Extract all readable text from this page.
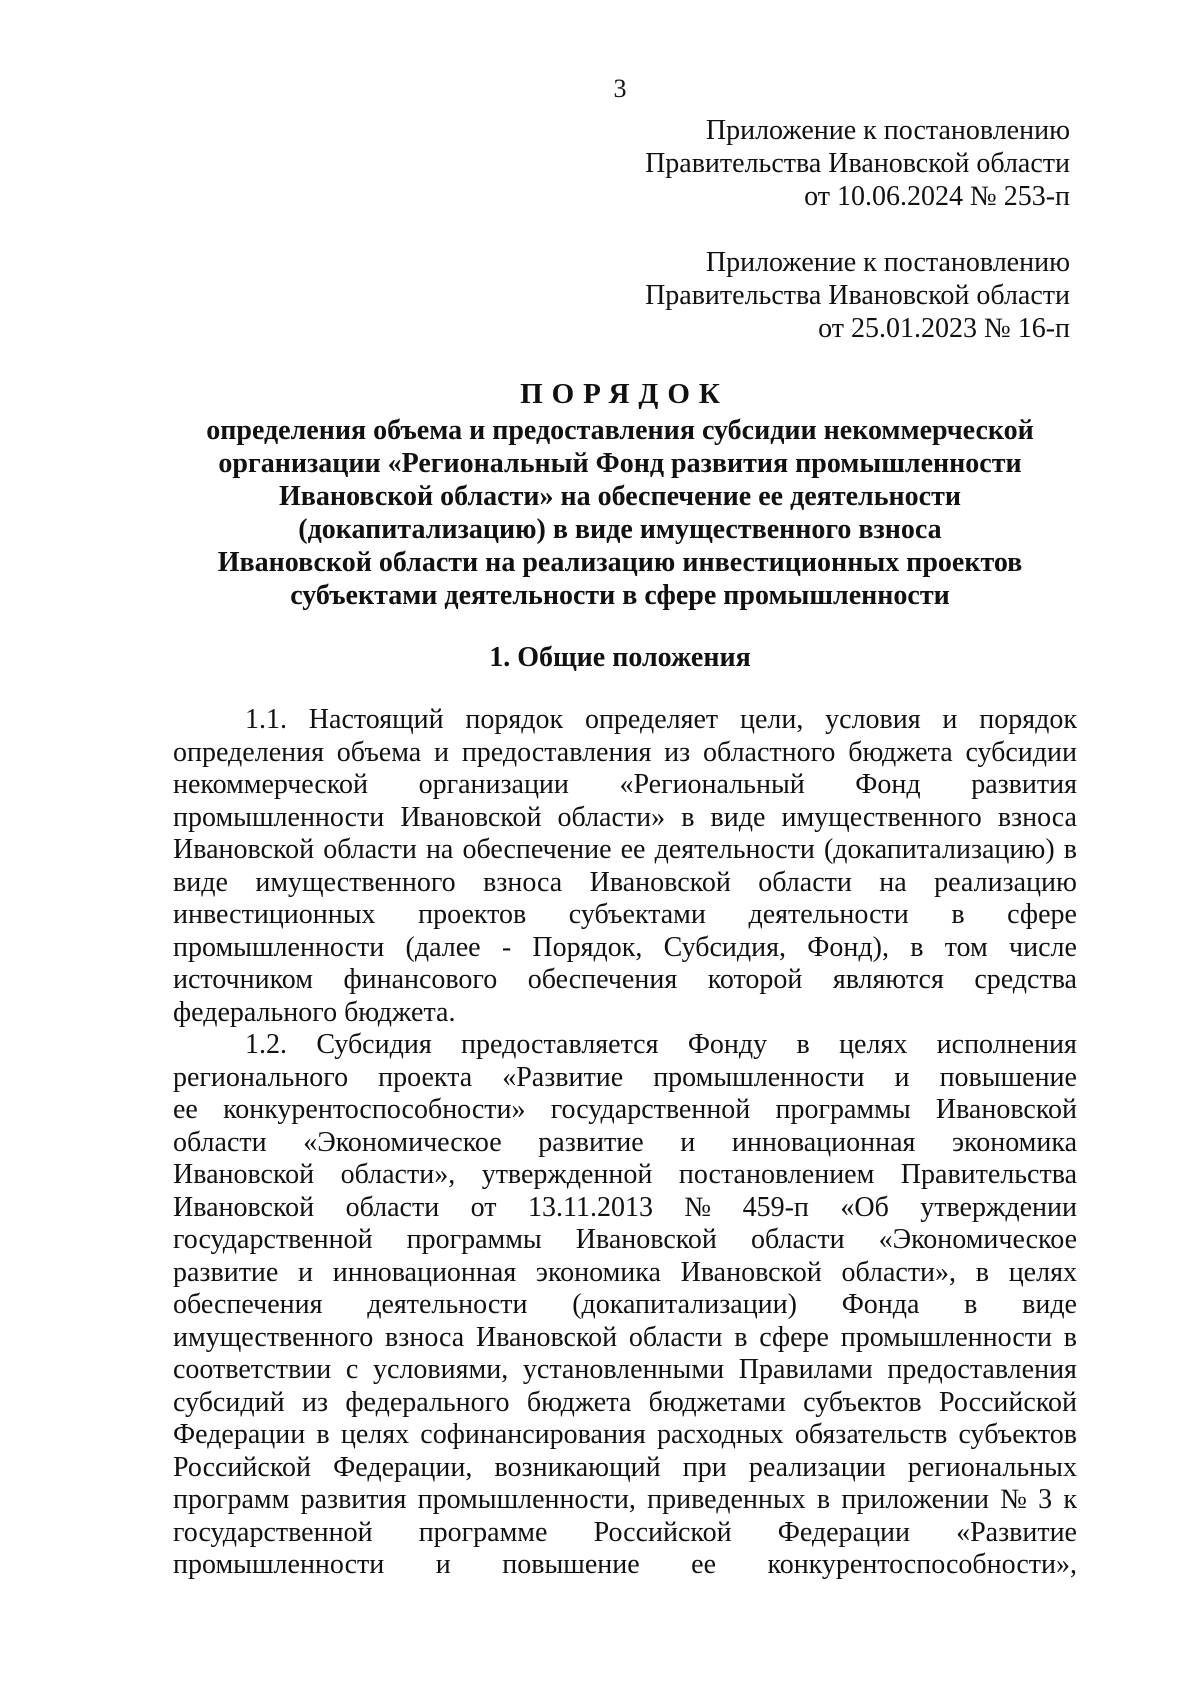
3
Приложение к постановлению
Правительства Ивановской области
от 10.06.2024 № 253-п
Приложение к постановлению
Правительства Ивановской области
от 25.01.2023 № 16-п
ПОРЯДОК
определения объема и предоставления субсидии некоммерческой
организации «Региональный Фонд развития промышленности
Ивановской области» на обеспечение ее деятельности
(докапитализацию) в виде имущественного взноса
Ивановской области на реализацию инвестиционных проектов
субъектами деятельности в сфере промышленности
1. Общие положения
1.1. Настоящий порядок определяет цели, условия и порядок
определения объема и предоставления из областного бюджета субсидии
некоммерческой организации «Региональный Фонд развития
промышленности Ивановской области» в виде имущественного взноса
Ивановской области на обеспечение ее деятельности (докапитализацию) в
виде имущественного взноса Ивановской области на реализацию
инвестиционных проектов субъектами деятельности в сфере
промышленности (далее - Порядок, Субсидия, Фонд), в том числе
источником финансового обеспечения которой являются средства
федерального бюджета.
1.2. Субсидия предоставляется Фонду в целях исполнения
регионального проекта «Развитие промышленности и повышение
ее конкурентоспособности» государственной программы Ивановской
области «Экономическое развитие и инновационная экономика
Ивановской области», утвержденной постановлением Правительства
Ивановской области от 13.11.2013 № 459-п «Об утверждении
государственной программы Ивановской области «Экономическое
развитие и инновационная экономика Ивановской области», в целях
обеспечения деятельности (докапитализации) Фонда в виде
имущественного взноса Ивановской области в сфере промышленности в
соответствии с условиями, установленными Правилами предоставления
субсидий из федерального бюджета бюджетами субъектов Российской
Федерации в целях софинансирования расходных обязательств субъектов
Российской Федерации, возникающий при реализации региональных
программ развития промышленности, приведенных в приложении № 3 к
государственной программе Российской Федерации «Развитие
промышленности и повышение ее конкурентоспособности»,
